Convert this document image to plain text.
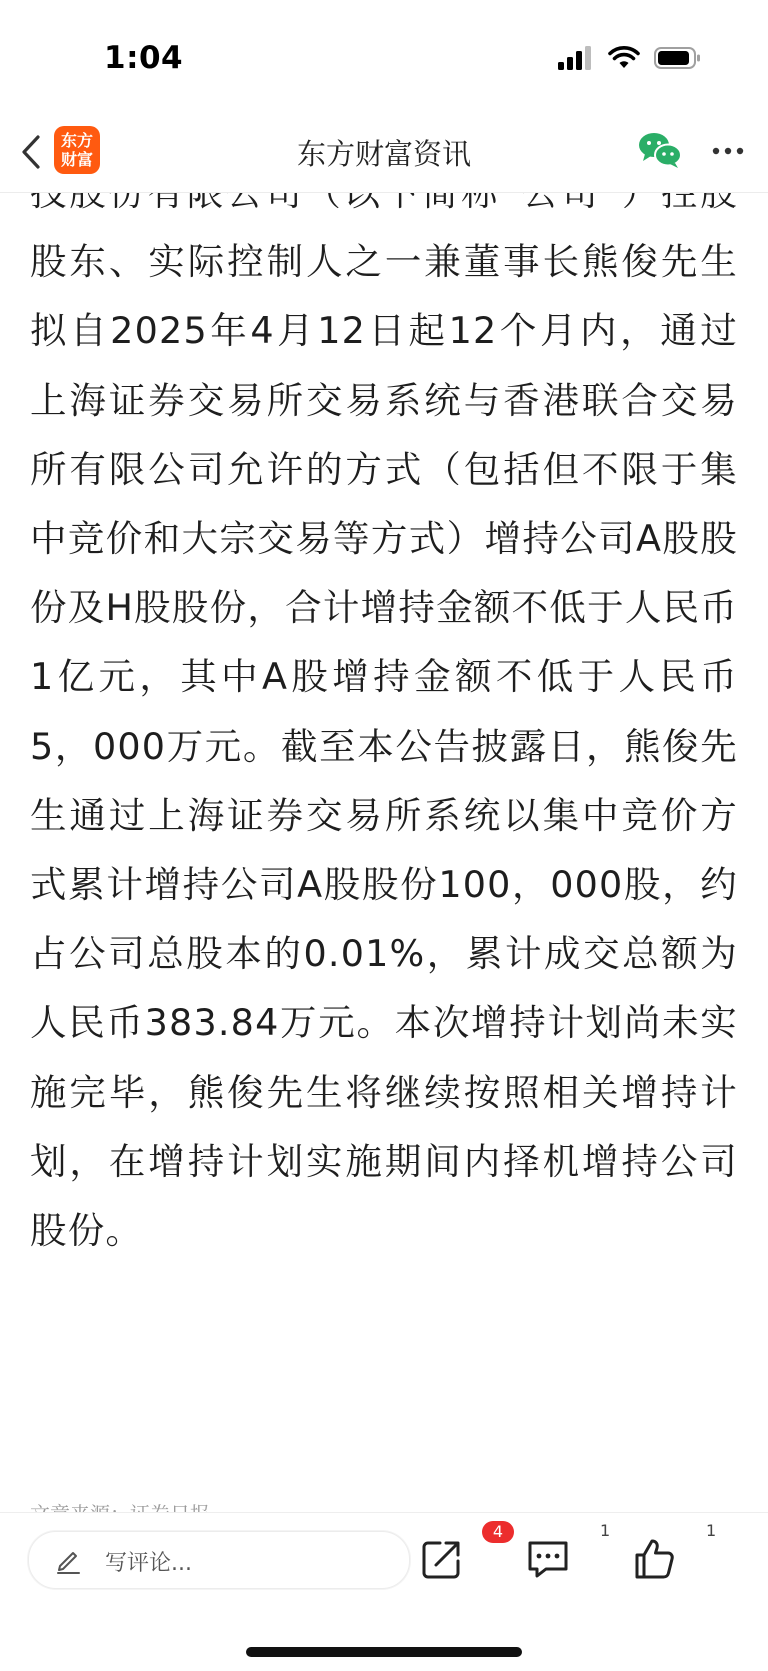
1:04
东方
财富	东方财富资讯

股东、实际控制人之一兼董事长熊俊先生拟自2025年4月12日起12个月内，通过上海证券交易所交易系统与香港联合交易所有限公司允许的方式（包括但不限于集中竞价和大宗交易等方式）增持公司A股股份及H股股份，合计增持金额不低于人民币1亿元，其中A股增持金额不低于人民币5，000万元。截至本公告披露日，熊俊先生通过上海证券交易所系统以集中竞价方式累计增持公司A股股份100，000股，约占公司总股本的0.01%，累计成交总额为人民币383.84万元。本次增持计划尚未实施完毕，熊俊先生将继续按照相关增持计划，在增持计划实施期间内择机增持公司股份。

写评论...
4	1	1
